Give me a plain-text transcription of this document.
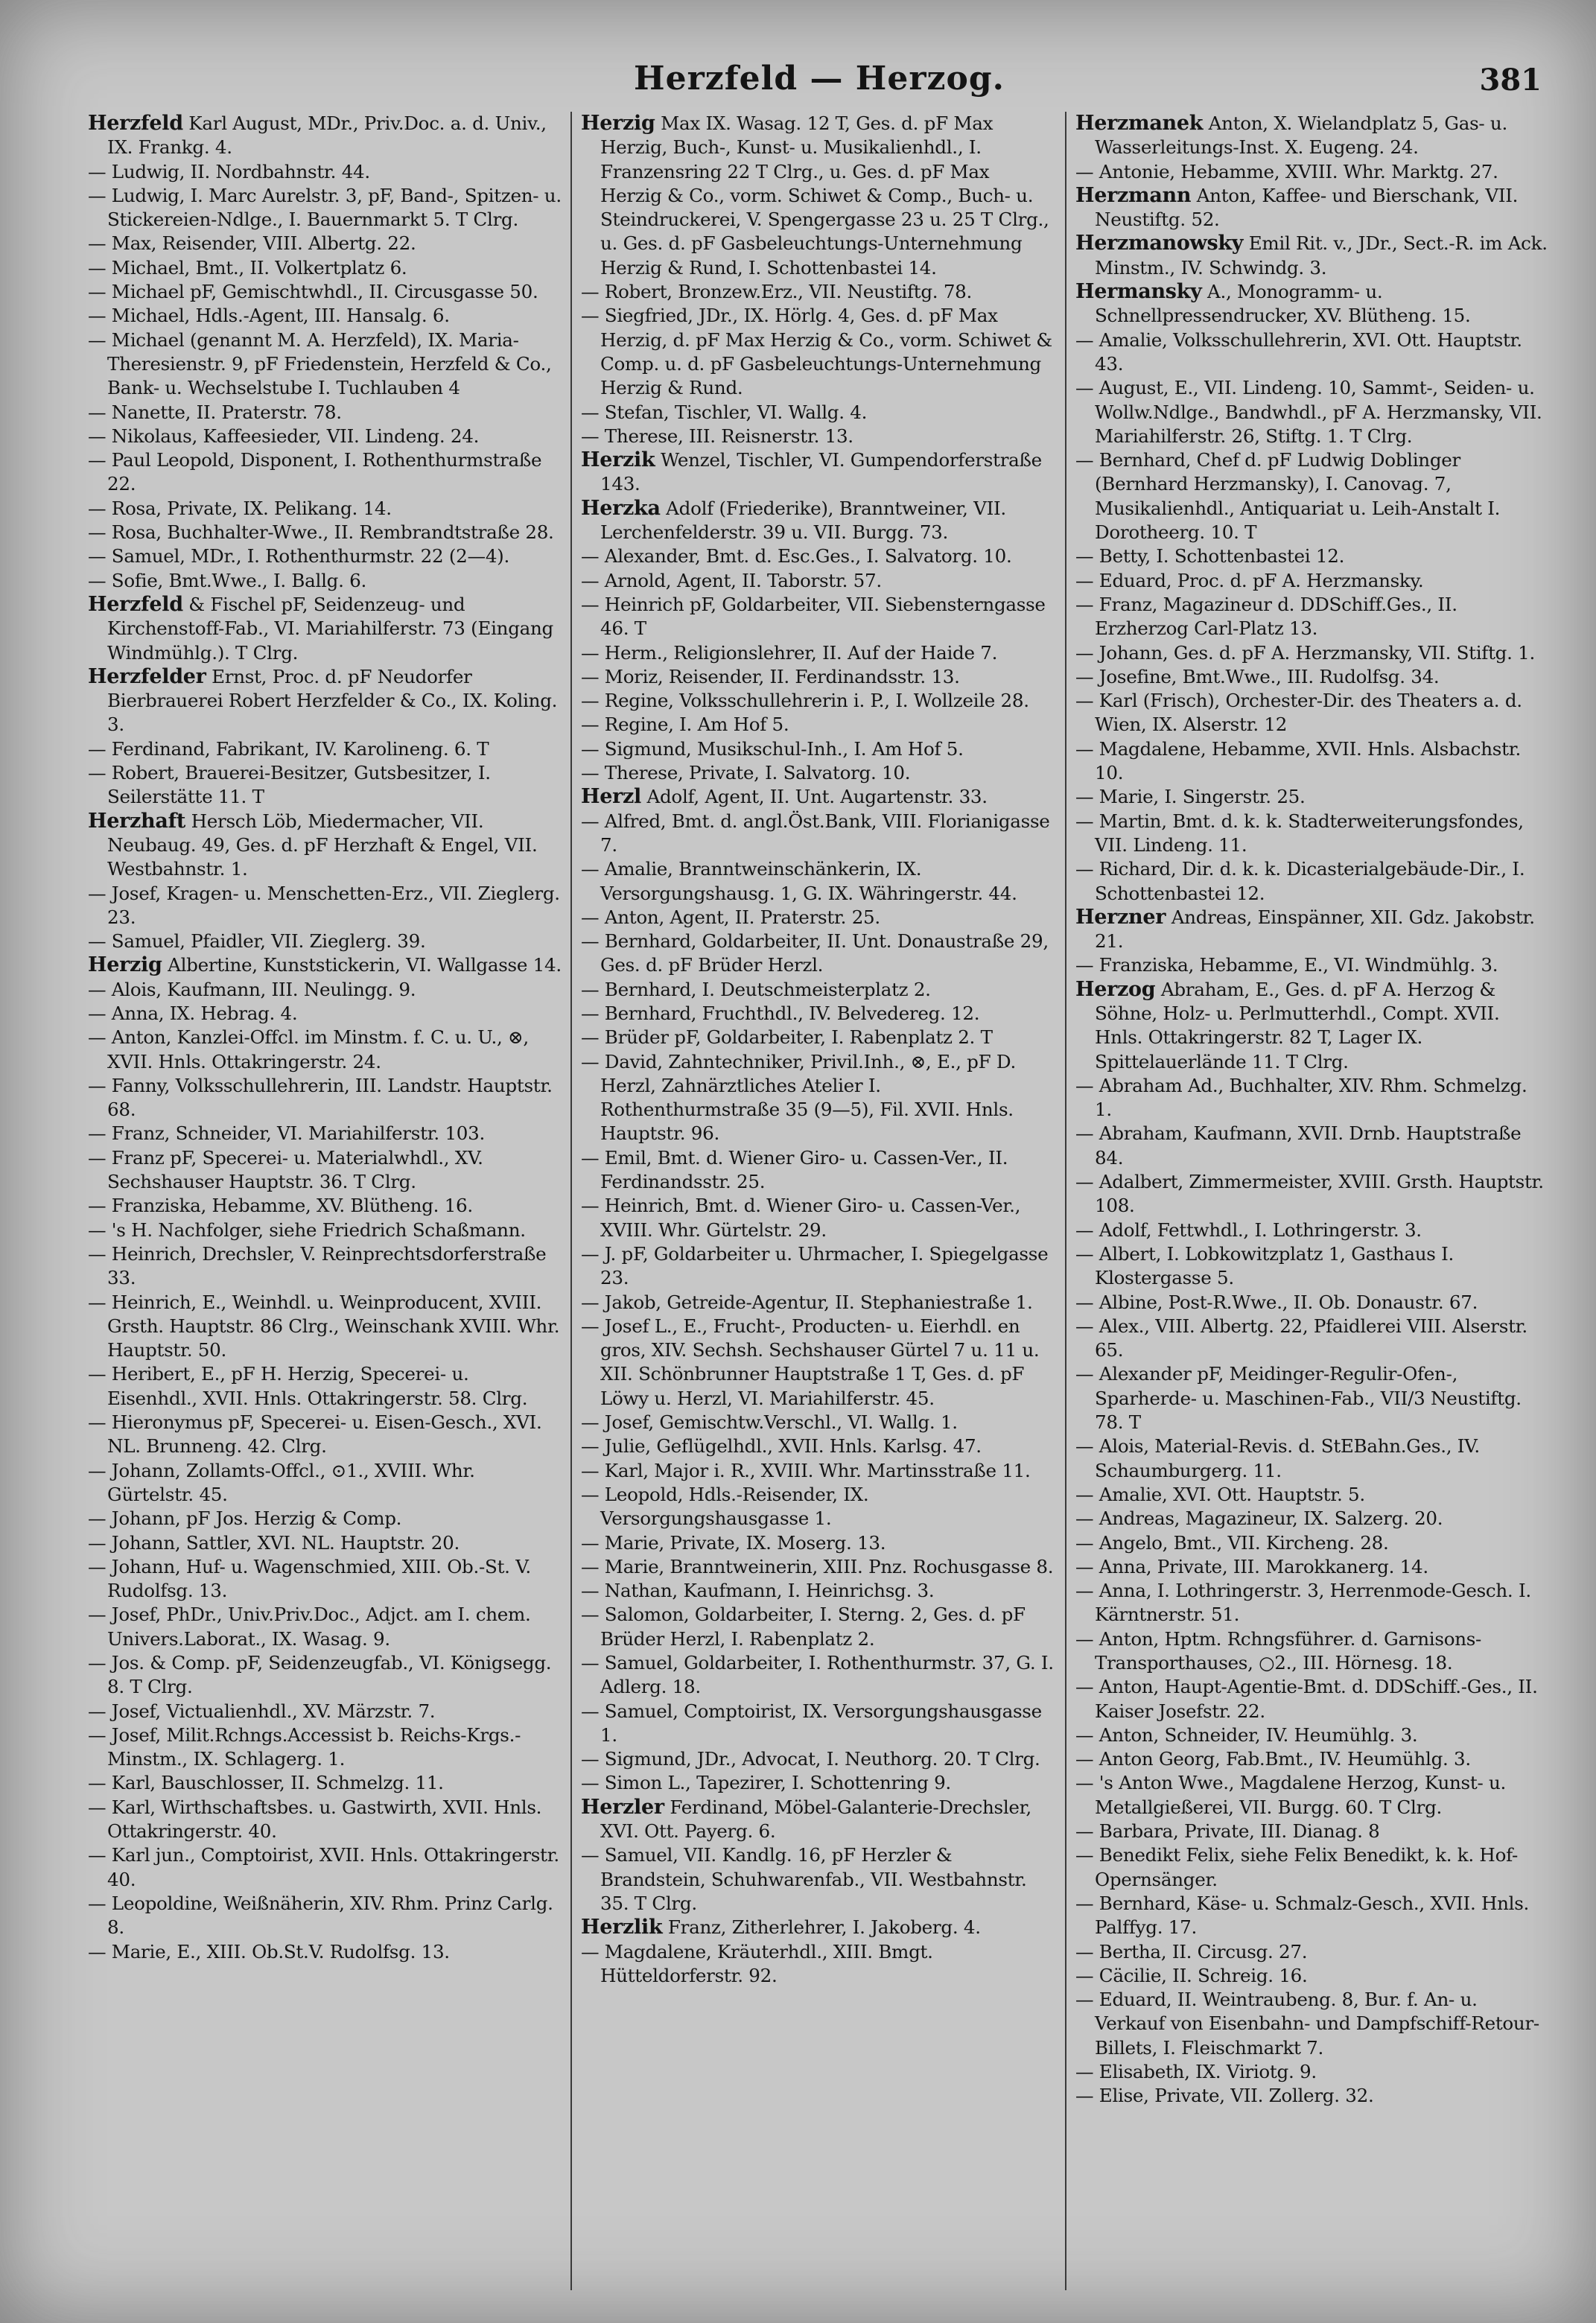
Herzfeld — Herzog.	381

Herzfeld Karl August, MDr., Priv.Doc. a. d. Univ., IX. Frankg. 4.

— Ludwig, II. Nordbahnstr. 44.

— Ludwig, I. Marc Aurelstr. 3, pF, Band-, Spitzen- u. Stickereien-Ndlge., I. Bauernmarkt 5. T Clrg.

— Max, Reisender, VIII. Albertg. 22.

— Michael, Bmt., II. Volkertplatz 6.

— Michael pF, Gemischtwhdl., II. Circusgasse 50.

— Michael, Hdls.-Agent, III. Hansalg. 6.

— Michael (genannt M. A. Herzfeld), IX. Maria-Theresienstr. 9, pF Friedenstein, Herzfeld & Co., Bank- u. Wechselstube I. Tuchlauben 4

— Nanette, II. Praterstr. 78.

— Nikolaus, Kaffeesieder, VII. Lindeng. 24.

— Paul Leopold, Disponent, I. Rothenthurmstraße 22.

— Rosa, Private, IX. Pelikang. 14.

— Rosa, Buchhalter-Wwe., II. Rembrandtstraße 28.

— Samuel, MDr., I. Rothenthurmstr. 22 (2—4).

— Sofie, Bmt.Wwe., I. Ballg. 6.

Herzfeld & Fischel pF, Seidenzeug- und Kirchenstoff-Fab., VI. Mariahilferstr. 73 (Eingang Windmühlg.). T Clrg.

Herzfelder Ernst, Proc. d. pF Neudorfer Bierbrauerei Robert Herzfelder & Co., IX. Koling. 3.

— Ferdinand, Fabrikant, IV. Karolineng. 6. T

— Robert, Brauerei-Besitzer, Gutsbesitzer, I. Seilerstätte 11. T

Herzhaft Hersch Löb, Miedermacher, VII. Neubaug. 49, Ges. d. pF Herzhaft & Engel, VII. Westbahnstr. 1.

— Josef, Kragen- u. Menschetten-Erz., VII. Zieglerg. 23.

— Samuel, Pfaidler, VII. Zieglerg. 39.

Herzig Albertine, Kunststickerin, VI. Wallgasse 14.

— Alois, Kaufmann, III. Neulingg. 9.

— Anna, IX. Hebrag. 4.

— Anton, Kanzlei-Offcl. im Minstm. f. C. u. U., ⊗, XVII. Hnls. Ottakringerstr. 24.

— Fanny, Volksschullehrerin, III. Landstr. Hauptstr. 68.

— Franz, Schneider, VI. Mariahilferstr. 103.

— Franz pF, Specerei- u. Materialwhdl., XV. Sechshauser Hauptstr. 36. T Clrg.

— Franziska, Hebamme, XV. Blütheng. 16.

— 's H. Nachfolger, siehe Friedrich Schaßmann.

— Heinrich, Drechsler, V. Reinprechtsdorferstraße 33.

— Heinrich, E., Weinhdl. u. Weinproducent, XVIII. Grsth. Hauptstr. 86 Clrg., Weinschank XVIII. Whr. Hauptstr. 50.

— Heribert, E., pF H. Herzig, Specerei- u. Eisenhdl., XVII. Hnls. Ottakringerstr. 58. Clrg.

— Hieronymus pF, Specerei- u. Eisen-Gesch., XVI. NL. Brunneng. 42. Clrg.

— Johann, Zollamts-Offcl., ⊙1., XVIII. Whr. Gürtelstr. 45.

— Johann, pF Jos. Herzig & Comp.

— Johann, Sattler, XVI. NL. Hauptstr. 20.

— Johann, Huf- u. Wagenschmied, XIII. Ob.-St. V. Rudolfsg. 13.

— Josef, PhDr., Univ.Priv.Doc., Adjct. am I. chem. Univers.Laborat., IX. Wasag. 9.

— Jos. & Comp. pF, Seidenzeugfab., VI. Königsegg. 8. T Clrg.

— Josef, Victualienhdl., XV. Märzstr. 7.

— Josef, Milit.Rchngs.Accessist b. Reichs-Krgs.-Minstm., IX. Schlagerg. 1.

— Karl, Bauschlosser, II. Schmelzg. 11.

— Karl, Wirthschaftsbes. u. Gastwirth, XVII. Hnls. Ottakringerstr. 40.

— Karl jun., Comptoirist, XVII. Hnls. Ottakringerstr. 40.

— Leopoldine, Weißnäherin, XIV. Rhm. Prinz Carlg. 8.

— Marie, E., XIII. Ob.St.V. Rudolfsg. 13.

Herzig Max IX. Wasag. 12 T, Ges. d. pF Max Herzig, Buch-, Kunst- u. Musikalienhdl., I. Franzensring 22 T Clrg., u. Ges. d. pF Max Herzig & Co., vorm. Schiwet & Comp., Buch- u. Steindruckerei, V. Spengergasse 23 u. 25 T Clrg., u. Ges. d. pF Gasbeleuchtungs-Unternehmung Herzig & Rund, I. Schottenbastei 14.

— Robert, Bronzew.Erz., VII. Neustiftg. 78.

— Siegfried, JDr., IX. Hörlg. 4, Ges. d. pF Max Herzig, d. pF Max Herzig & Co., vorm. Schiwet & Comp. u. d. pF Gasbeleuchtungs-Unternehmung Herzig & Rund.

— Stefan, Tischler, VI. Wallg. 4.

— Therese, III. Reisnerstr. 13.

Herzik Wenzel, Tischler, VI. Gumpendorferstraße 143.

Herzka Adolf (Friederike), Branntweiner, VII. Lerchenfelderstr. 39 u. VII. Burgg. 73.

— Alexander, Bmt. d. Esc.Ges., I. Salvatorg. 10.

— Arnold, Agent, II. Taborstr. 57.

— Heinrich pF, Goldarbeiter, VII. Siebensterngasse 46. T

— Herm., Religionslehrer, II. Auf der Haide 7.

— Moriz, Reisender, II. Ferdinandsstr. 13.

— Regine, Volksschullehrerin i. P., I. Wollzeile 28.

— Regine, I. Am Hof 5.

— Sigmund, Musikschul-Inh., I. Am Hof 5.

— Therese, Private, I. Salvatorg. 10.

Herzl Adolf, Agent, II. Unt. Augartenstr. 33.

— Alfred, Bmt. d. angl.Öst.Bank, VIII. Florianigasse 7.

— Amalie, Branntweinschänkerin, IX. Versorgungshausg. 1, G. IX. Währingerstr. 44.

— Anton, Agent, II. Praterstr. 25.

— Bernhard, Goldarbeiter, II. Unt. Donaustraße 29, Ges. d. pF Brüder Herzl.

— Bernhard, I. Deutschmeisterplatz 2.

— Bernhard, Fruchthdl., IV. Belvedereg. 12.

— Brüder pF, Goldarbeiter, I. Rabenplatz 2. T

— David, Zahntechniker, Privil.Inh., ⊗, E., pF D. Herzl, Zahnärztliches Atelier I. Rothenthurmstraße 35 (9—5), Fil. XVII. Hnls. Hauptstr. 96.

— Emil, Bmt. d. Wiener Giro- u. Cassen-Ver., II. Ferdinandsstr. 25.

— Heinrich, Bmt. d. Wiener Giro- u. Cassen-Ver., XVIII. Whr. Gürtelstr. 29.

— J. pF, Goldarbeiter u. Uhrmacher, I. Spiegelgasse 23.

— Jakob, Getreide-Agentur, II. Stephaniestraße 1.

— Josef L., E., Frucht-, Producten- u. Eierhdl. en gros, XIV. Sechsh. Sechshauser Gürtel 7 u. 11 u. XII. Schönbrunner Hauptstraße 1 T, Ges. d. pF Löwy u. Herzl, VI. Mariahilferstr. 45.

— Josef, Gemischtw.Verschl., VI. Wallg. 1.

— Julie, Geflügelhdl., XVII. Hnls. Karlsg. 47.

— Karl, Major i. R., XVIII. Whr. Martinsstraße 11.

— Leopold, Hdls.-Reisender, IX. Versorgungshausgasse 1.

— Marie, Private, IX. Moserg. 13.

— Marie, Branntweinerin, XIII. Pnz. Rochusgasse 8.

— Nathan, Kaufmann, I. Heinrichsg. 3.

— Salomon, Goldarbeiter, I. Sterng. 2, Ges. d. pF Brüder Herzl, I. Rabenplatz 2.

— Samuel, Goldarbeiter, I. Rothenthurmstr. 37, G. I. Adlerg. 18.

— Samuel, Comptoirist, IX. Versorgungshausgasse 1.

— Sigmund, JDr., Advocat, I. Neuthorg. 20. T Clrg.

— Simon L., Tapezirer, I. Schottenring 9.

Herzler Ferdinand, Möbel-Galanterie-Drechsler, XVI. Ott. Payerg. 6.

— Samuel, VII. Kandlg. 16, pF Herzler & Brandstein, Schuhwarenfab., VII. Westbahnstr. 35. T Clrg.

Herzlik Franz, Zitherlehrer, I. Jakoberg. 4.

— Magdalene, Kräuterhdl., XIII. Bmgt. Hütteldorferstr. 92.

Herzmanek Anton, X. Wielandplatz 5, Gas- u. Wasserleitungs-Inst. X. Eugeng. 24.

— Antonie, Hebamme, XVIII. Whr. Marktg. 27.

Herzmann Anton, Kaffee- und Bierschank, VII. Neustiftg. 52.

Herzmanowsky Emil Rit. v., JDr., Sect.-R. im Ack. Minstm., IV. Schwindg. 3.

Hermansky A., Monogramm- u. Schnellpressendrucker, XV. Blütheng. 15.

— Amalie, Volksschullehrerin, XVI. Ott. Hauptstr. 43.

— August, E., VII. Lindeng. 10, Sammt-, Seiden- u. Wollw.Ndlge., Bandwhdl., pF A. Herzmansky, VII. Mariahilferstr. 26, Stiftg. 1. T Clrg.

— Bernhard, Chef d. pF Ludwig Doblinger (Bernhard Herzmansky), I. Canovag. 7, Musikalienhdl., Antiquariat u. Leih-Anstalt I. Dorotheerg. 10. T

— Betty, I. Schottenbastei 12.

— Eduard, Proc. d. pF A. Herzmansky.

— Franz, Magazineur d. DDSchiff.Ges., II. Erzherzog Carl-Platz 13.

— Johann, Ges. d. pF A. Herzmansky, VII. Stiftg. 1.

— Josefine, Bmt.Wwe., III. Rudolfsg. 34.

— Karl (Frisch), Orchester-Dir. des Theaters a. d. Wien, IX. Alserstr. 12

— Magdalene, Hebamme, XVII. Hnls. Alsbachstr. 10.

— Marie, I. Singerstr. 25.

— Martin, Bmt. d. k. k. Stadterweiterungsfondes, VII. Lindeng. 11.

— Richard, Dir. d. k. k. Dicasterialgebäude-Dir., I. Schottenbastei 12.

Herzner Andreas, Einspänner, XII. Gdz. Jakobstr. 21.

— Franziska, Hebamme, E., VI. Windmühlg. 3.

Herzog Abraham, E., Ges. d. pF A. Herzog & Söhne, Holz- u. Perlmutterhdl., Compt. XVII. Hnls. Ottakringerstr. 82 T, Lager IX. Spittelauerlände 11. T Clrg.

— Abraham Ad., Buchhalter, XIV. Rhm. Schmelzg. 1.

— Abraham, Kaufmann, XVII. Drnb. Hauptstraße 84.

— Adalbert, Zimmermeister, XVIII. Grsth. Hauptstr. 108.

— Adolf, Fettwhdl., I. Lothringerstr. 3.

— Albert, I. Lobkowitzplatz 1, Gasthaus I. Klostergasse 5.

— Albine, Post-R.Wwe., II. Ob. Donaustr. 67.

— Alex., VIII. Albertg. 22, Pfaidlerei VIII. Alserstr. 65.

— Alexander pF, Meidinger-Regulir-Ofen-, Sparherde- u. Maschinen-Fab., VII/3 Neustiftg. 78. T

— Alois, Material-Revis. d. StEBahn.Ges., IV. Schaumburgerg. 11.

— Amalie, XVI. Ott. Hauptstr. 5.

— Andreas, Magazineur, IX. Salzerg. 20.

— Angelo, Bmt., VII. Kircheng. 28.

— Anna, Private, III. Marokkanerg. 14.

— Anna, I. Lothringerstr. 3, Herrenmode-Gesch. I. Kärntnerstr. 51.

— Anton, Hptm. Rchngsführer. d. Garnisons-Transporthauses, ○2., III. Hörnesg. 18.

— Anton, Haupt-Agentie-Bmt. d. DDSchiff.-Ges., II. Kaiser Josefstr. 22.

— Anton, Schneider, IV. Heumühlg. 3.

— Anton Georg, Fab.Bmt., IV. Heumühlg. 3.

— 's Anton Wwe., Magdalene Herzog, Kunst- u. Metallgießerei, VII. Burgg. 60. T Clrg.

— Barbara, Private, III. Dianag. 8

— Benedikt Felix, siehe Felix Benedikt, k. k. Hof-Opernsänger.

— Bernhard, Käse- u. Schmalz-Gesch., XVII. Hnls. Palffyg. 17.

— Bertha, II. Circusg. 27.

— Cäcilie, II. Schreig. 16.

— Eduard, II. Weintraubeng. 8, Bur. f. An- u. Verkauf von Eisenbahn- und Dampfschiff-Retour-Billets, I. Fleischmarkt 7.

— Elisabeth, IX. Viriotg. 9.

— Elise, Private, VII. Zollerg. 32.
